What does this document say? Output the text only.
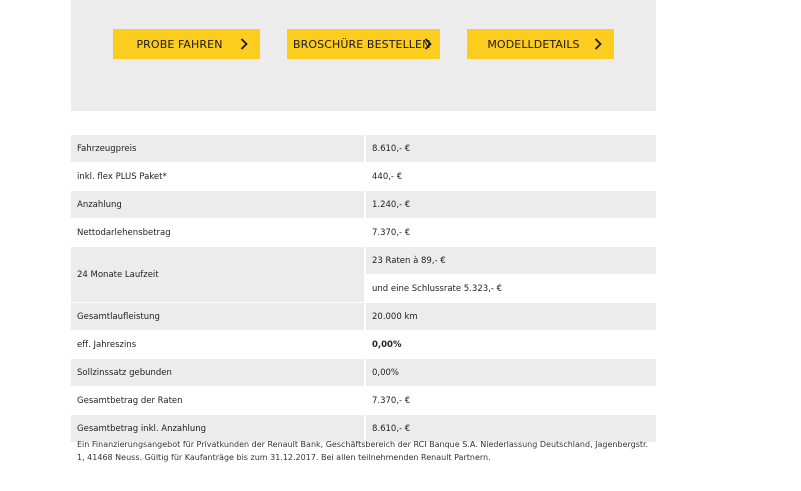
PROBE FAHREN	BROSCHÜRE BESTELLEN	MODELLDETAILS
Fahrzeugpreis	8.610,- €
inkl. flex PLUS Paket*	440,- €
Anzahlung	1.240,- €
Nettodarlehensbetrag	7.370,- €
24 Monate Laufzeit	23 Raten à 89,- €
	und eine Schlussrate 5.323,- €
Gesamtlaufleistung	20.000 km
eff. Jahreszins	0,00%
Sollzinssatz gebunden	0,00%
Gesamtbetrag der Raten	7.370,- €
Gesamtbetrag inkl. Anzahlung	8.610,- €
Ein Finanzierungsangebot für Privatkunden der Renault Bank, Geschäftsbereich der RCI Banque S.A. Niederlassung Deutschland, Jagenbergstr. 1, 41468 Neuss. Gültig für Kaufanträge bis zum 31.12.2017. Bei allen teilnehmenden Renault Partnern.
